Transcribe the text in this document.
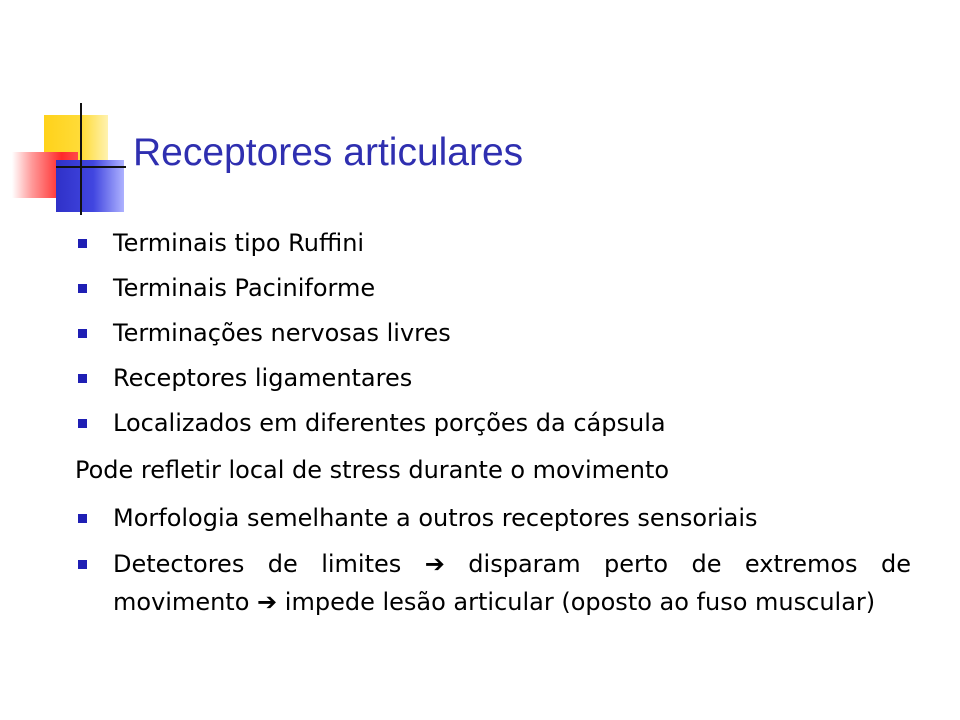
Receptores articulares
Terminais tipo Ruffini
Terminais Paciniforme
Terminações nervosas livres
Receptores ligamentares
Localizados em diferentes porções da cápsula
Pode refletir local de stress durante o movimento
Morfologia semelhante a outros receptores sensoriais
Detectores de limites ➔ disparam perto de extremos de movimento ➔ impede lesão articular (oposto ao fuso muscular)
